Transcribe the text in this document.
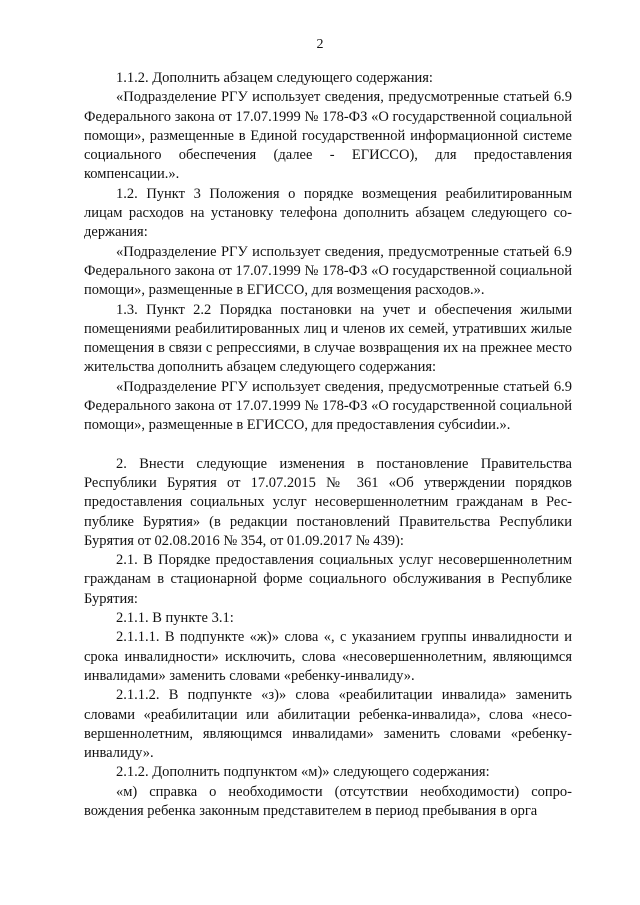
2

1.1.2. Дополнить абзацем следующего содержания:

«Подразделение РГУ использует сведения, предусмотренные статьей 6.9 Федерального закона от 17.07.1999 № 178-ФЗ «О государственной социальной помощи», размещенные в Единой государственной информационной системе социального обеспечения (далее - ЕГИССО), для предоставления компенсации.».

1.2. Пункт 3 Положения о порядке возмещения реабилитированным лицам расходов на установку телефона дополнить абзацем следующего содержания:

«Подразделение РГУ использует сведения, предусмотренные статьей 6.9 Федерального закона от 17.07.1999 № 178-ФЗ «О государственной социальной помощи», размещенные в ЕГИССО, для возмещения расходов.».

1.3. Пункт 2.2 Порядка постановки на учет и обеспечения жилыми помещениями реабилитированных лиц и членов их семей, утративших жилые помещения в связи с репрессиями, в случае возвращения их на прежнее место жительства дополнить абзацем следующего содержания:

«Подразделение РГУ использует сведения, предусмотренные статьей 6.9 Федерального закона от 17.07.1999 № 178-ФЗ «О государственной социальной помощи», размещенные в ЕГИССО, для предоставления субсиdии.».

2. Внести следующие изменения в постановление Правительства Республики Бурятия от 17.07.2015 № 361 «Об утверждении порядков предоставления социальных услуг несовершеннолетним гражданам в Республике Бурятия» (в редакции постановлений Правительства Республики Бурятия от 02.08.2016 № 354, от 01.09.2017 № 439):

2.1. В Порядке предоставления социальных услуг несовершеннолетним гражданам в стационарной форме социального обслуживания в Республике Бурятия:

2.1.1. В пункте 3.1:

2.1.1.1. В подпункте «ж)» слова «, с указанием группы инвалидности и срока инвалидности» исключить, слова «несовершеннолетним, являющимся инвалидами» заменить словами «ребенку-инвалиду».

2.1.1.2. В подпункте «з)» слова «реабилитации инвалида» заменить словами «реабилитации или абилитации ребенка-инвалида», слова «несовершеннолетним, являющимся инвалидами» заменить словами «ребенку-инвалиду».

2.1.2. Дополнить подпунктом «м)» следующего содержания:

«м) справка о необходимости (отсутствии необходимости) сопровождения ребенка законным представителем в период пребывания в орга
